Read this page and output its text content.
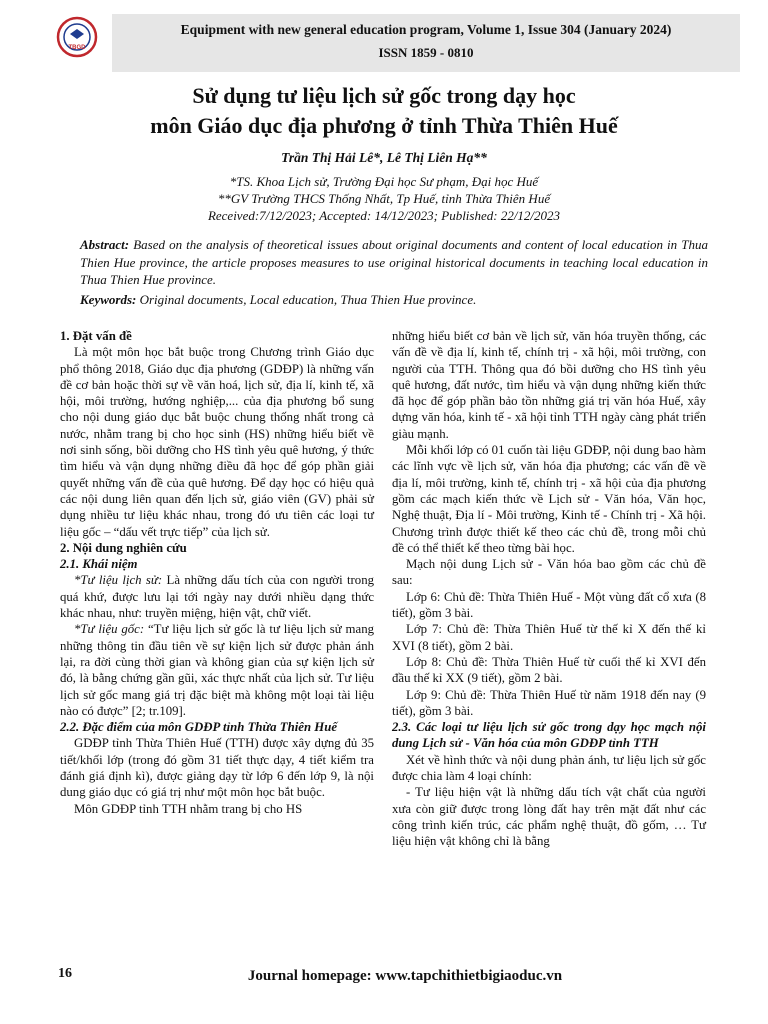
TBGD
Equipment with new general education program, Volume 1, Issue 304 (January 2024)
ISSN 1859 - 0810
Sử dụng tư liệu lịch sử gốc trong dạy học
môn Giáo dục địa phương ở tỉnh Thừa Thiên Huế
Trần Thị Hải Lê*, Lê Thị Liên Hạ**
*TS. Khoa Lịch sử, Trường Đại học Sư phạm, Đại học Huế
**GV Trường THCS Thống Nhất, Tp Huế, tỉnh Thừa Thiên Huế
Received:7/12/2023; Accepted: 14/12/2023; Published: 22/12/2023
Abstract: Based on the analysis of theoretical issues about original documents and content of local education in Thua Thien Hue province, the article proposes measures to use original historical documents in teaching local education in Thua Thien Hue province.
Keywords: Original documents, Local education, Thua Thien Hue province.
1. Đặt vấn đề

Là một môn học bắt buộc trong Chương trình Giáo dục phổ thông 2018, Giáo dục địa phương (GDĐP) là những vấn đề cơ bản hoặc thời sự về văn hoá, lịch sử, địa lí, kinh tế, xã hội, môi trường, hướng nghiệp,... của địa phương bổ sung cho nội dung giáo dục bắt buộc chung thống nhất trong cả nước, nhằm trang bị cho học sinh (HS) những hiểu biết về nơi sinh sống, bồi dưỡng cho HS tình yêu quê hương, ý thức tìm hiểu và vận dụng những điều đã học để góp phần giải quyết những vấn đề của quê hương. Để dạy học có hiệu quả các nội dung liên quan đến lịch sử, giáo viên (GV) phải sử dụng nhiều tư liệu khác nhau, trong đó ưu tiên các loại tư liệu gốc – “dấu vết trực tiếp” của lịch sử.

2. Nội dung nghiên cứu
2.1. Khái niệm

*Tư liệu lịch sử: Là những dấu tích của con người trong quá khứ, được lưu lại tới ngày nay dưới nhiều dạng thức khác nhau, như: truyền miệng, hiện vật, chữ viết.

*Tư liệu gốc: “Tư liệu lịch sử gốc là tư liệu lịch sử mang những thông tin đầu tiên về sự kiện lịch sử được phản ánh lại, ra đời cùng thời gian và không gian của sự kiện lịch sử đó, là bằng chứng gần gũi, xác thực nhất của lịch sử. Tư liệu lịch sử gốc mang giá trị đặc biệt mà không một loại tài liệu nào có được” [2; tr.109].

2.2. Đặc điểm của môn GDĐP tỉnh Thừa Thiên Huế

GDĐP tỉnh Thừa Thiên Huế (TTH) được xây dựng đủ 35 tiết/khối lớp (trong đó gồm 31 tiết thực dạy, 4 tiết kiểm tra đánh giá định kì), được giảng dạy từ lớp 6 đến lớp 9, là nội dung giáo dục có giá trị như một môn học bắt buộc.

Môn GDĐP tỉnh TTH nhằm trang bị cho HS

những hiểu biết cơ bản về lịch sử, văn hóa truyền thống, các vấn đề về địa lí, kinh tế, chính trị - xã hội, môi trường, con người của TTH. Thông qua đó bồi dưỡng cho HS tình yêu quê hương, đất nước, tìm hiểu và vận dụng những kiến thức đã học để góp phần bảo tồn những giá trị văn hóa Huế, xây dựng văn hóa, kinh tế - xã hội tỉnh TTH ngày càng phát triển giàu mạnh.

Mỗi khối lớp có 01 cuốn tài liệu GDĐP, nội dung bao hàm các lĩnh vực về lịch sử, văn hóa địa phương; các vấn đề về địa lí, môi trường, kinh tế, chính trị - xã hội của địa phương gồm các mạch kiến thức về Lịch sử - Văn hóa, Văn học, Nghệ thuật, Địa lí - Môi trường, Kinh tế - Chính trị - Xã hội. Chương trình được thiết kế theo các chủ đề, trong mỗi chủ đề có thể thiết kế theo từng bài học.

Mạch nội dung Lịch sử - Văn hóa bao gồm các chủ đề sau:

Lớp 6: Chủ đề: Thừa Thiên Huế - Một vùng đất cổ xưa (8 tiết), gồm 3 bài.

Lớp 7: Chủ đề: Thừa Thiên Huế từ thế kỉ X đến thế kỉ XVI (8 tiết), gồm 2 bài.

Lớp 8: Chủ đề: Thừa Thiên Huế từ cuối thế kỉ XVI đến đầu thế kỉ XX (9 tiết), gồm 2 bài.

Lớp 9: Chủ đề: Thừa Thiên Huế từ năm 1918 đến nay (9 tiết), gồm 3 bài.

2.3. Các loại tư liệu lịch sử gốc trong dạy học mạch nội dung Lịch sử - Văn hóa của môn GDĐP tỉnh TTH

Xét về hình thức và nội dung phản ánh, tư liệu lịch sử gốc được chia làm 4 loại chính:

- Tư liệu hiện vật là những dấu tích vật chất của người xưa còn giữ được trong lòng đất hay trên mặt đất như các công trình kiến trúc, các phẩm nghệ thuật, đồ gốm, … Tư liệu hiện vật không chỉ là bằng

16	Journal homepage: www.tapchithietbigiaoduc.vn
